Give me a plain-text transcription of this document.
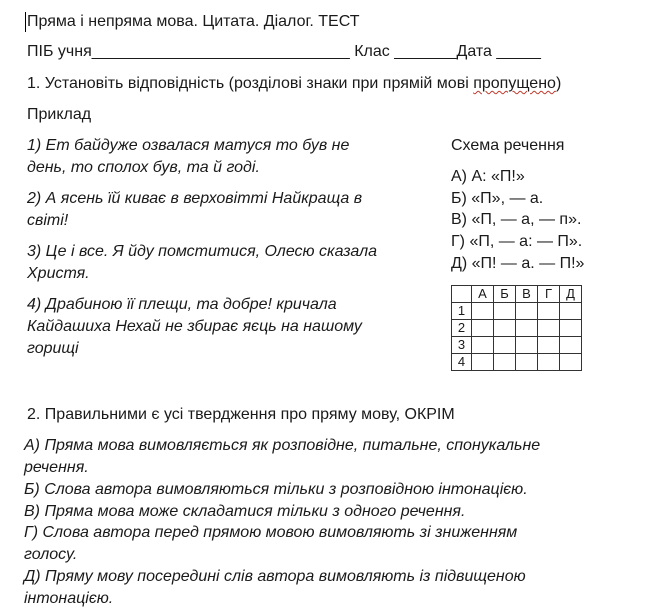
Пряма і непряма мова. Цитата. Діалог. ТЕСТ
ПІБ учня_____________________________ Клас _______Дата _____
1. Установіть відповідність (розділові знаки при прямій мові пропущено)
Приклад
1) Ет байдуже озвалася матуся то був не
день, то сполох був, та й годі.
2) А ясень їй киває в верховітті Найкраща в
світі!
3) Це і все. Я йду помститися, Олесю сказала
Христя.
4) Драбиною її плещи, та добре! кричала
Кайдашиха Нехай не збирає яєць на нашому
горищі
Схема речення
А) А: «П!»
Б) «П», — а.
В) «П, — а, — п».
Г) «П, — а: — П».
Д) «П! — а. — П!»
	А	Б	В	Г	Д
1					
2					
3					
4					
2. Правильними є усі твердження про пряму мову, ОКРІМ
А) Пряма мова вимовляється як розповідне, питальне, спонукальне
речення.
Б) Слова автора вимовляються тільки з розповідною інтонацією.
В) Пряма мова може складатися тільки з одного речення.
Г) Слова автора перед прямою мовою вимовляють зі зниженням
голосу.
Д) Пряму мову посередині слів автора вимовляють із підвищеною
інтонацією.
